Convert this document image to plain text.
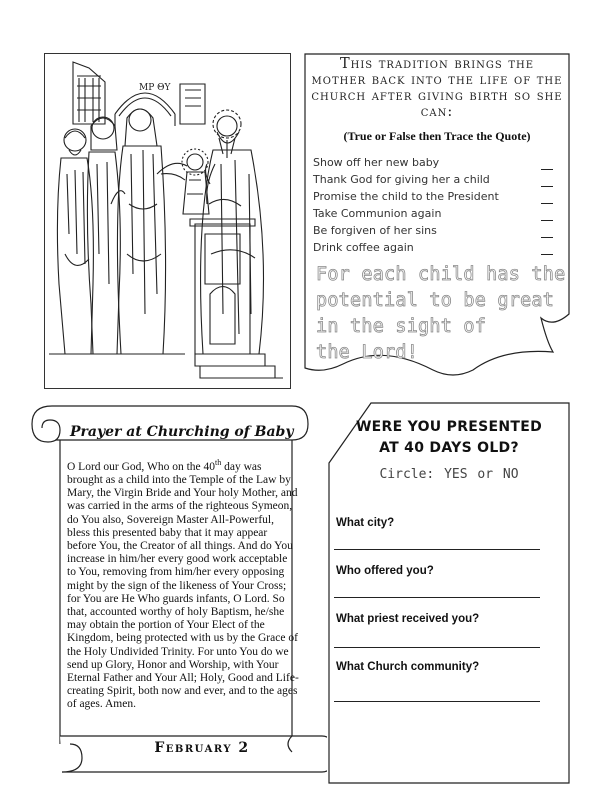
ΜΡ ΘΥ
This tradition brings the mother back into the life of the church after giving birth so she can:
(True or False then Trace the Quote)
Show off her new baby
Thank God for giving her a child
Promise the child to the President
Take Communion again
Be forgiven of her sins
Drink coffee again
For each child has the
potential to be great
in the sight of
the Lord!
Prayer at Churching of Baby
O Lord our God, Who on the 40th day was brought as a child into the Temple of the Law by Mary, the Virgin Bride and Your holy Mother, and was carried in the arms of the righteous Symeon, do You also, Sovereign Master All-Powerful, bless this presented baby that it may appear before You, the Creator of all things. And do You increase in him/her every good work acceptable to You, removing from him/her every opposing might by the sign of the likeness of Your Cross; for You are He Who guards infants, O Lord. So that, accounted worthy of holy Baptism, he/she may obtain the portion of Your Elect of the Kingdom, being protected with us by the Grace of the Holy Undivided Trinity. For unto You do we send up Glory, Honor and Worship, with Your Eternal Father and Your All; Holy, Good and Life-creating Spirit, both now and ever, and to the ages of ages. Amen.
February 2
WERE YOU PRESENTED
AT 40 DAYS OLD?
Circle: YES or NO
What city?
Who offered you?
What priest received you?
What Church community?
